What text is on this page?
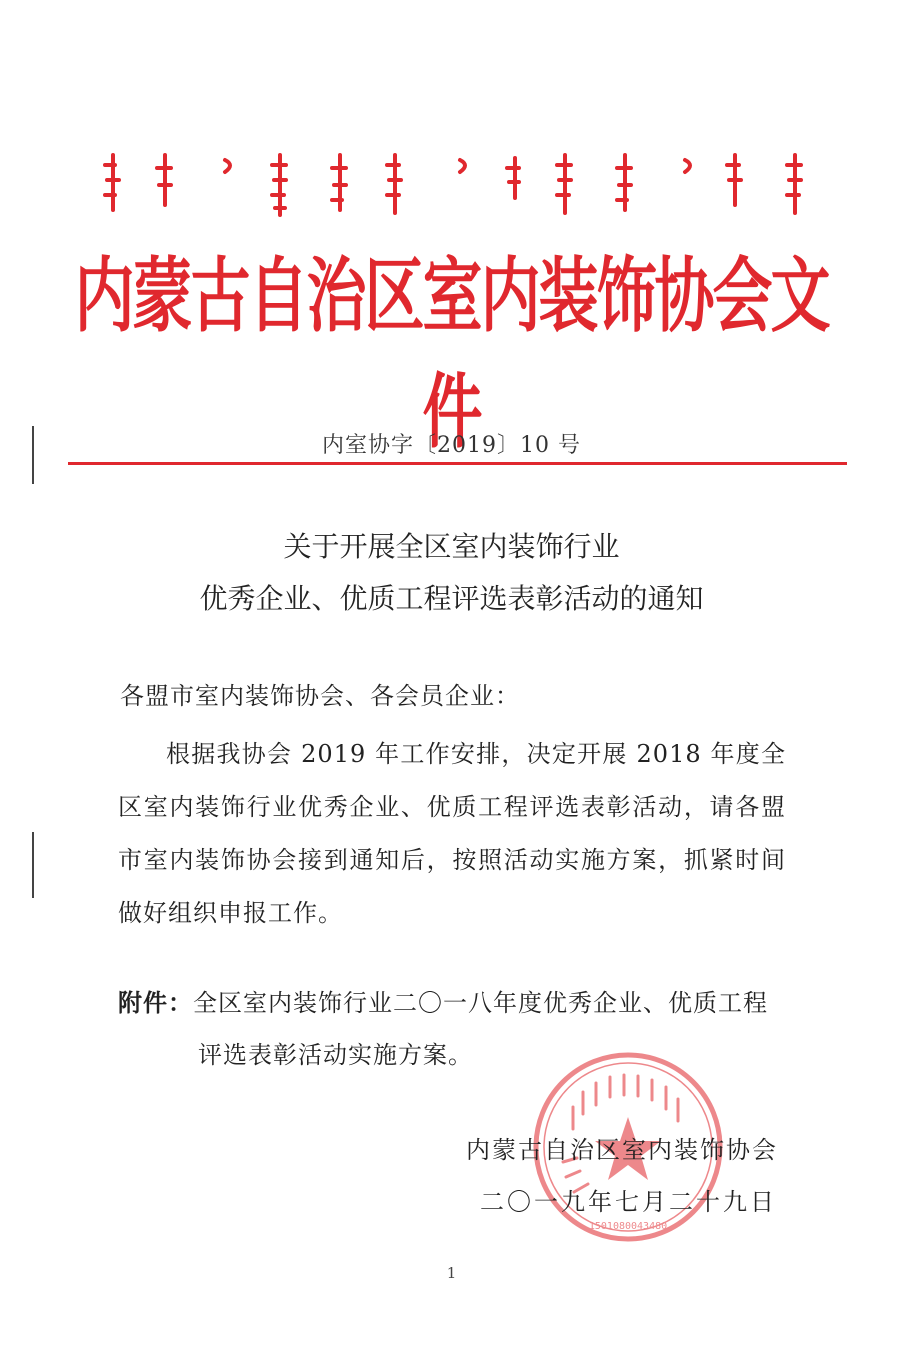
ᠦᠪᠦᠷ ᠮᠣᠩᠭᠣᠯ ᠤᠨ ᠥᠪᠡᠷᠲᠡᠭᠡᠨ ᠵᠠᠰᠠᠬᠤ ᠣᠷᠤᠨ ᠤ ᠳᠣᠲᠣᠭᠠᠳᠤ ᠴᠢᠮᠡᠭᠯᠡᠯ ᠤᠨ ᠨᠡᠶᠢᠭᠡᠮᠯᠢᠭ
内蒙古自治区室内装饰协会文件
内室协字〔2019〕10 号
关于开展全区室内装饰行业
优秀企业、优质工程评选表彰活动的通知
各盟市室内装饰协会、各会员企业：
根据我协会 2019 年工作安排，决定开展 2018 年度全区室内装饰行业优秀企业、优质工程评选表彰活动，请各盟市室内装饰协会接到通知后，按照活动实施方案，抓紧时间做好组织申报工作。
附件：全区室内装饰行业二〇一八年度优秀企业、优质工程
评选表彰活动实施方案。
1501080043480
内蒙古自治区室内装饰协会
二〇一九年七月二十九日
1
